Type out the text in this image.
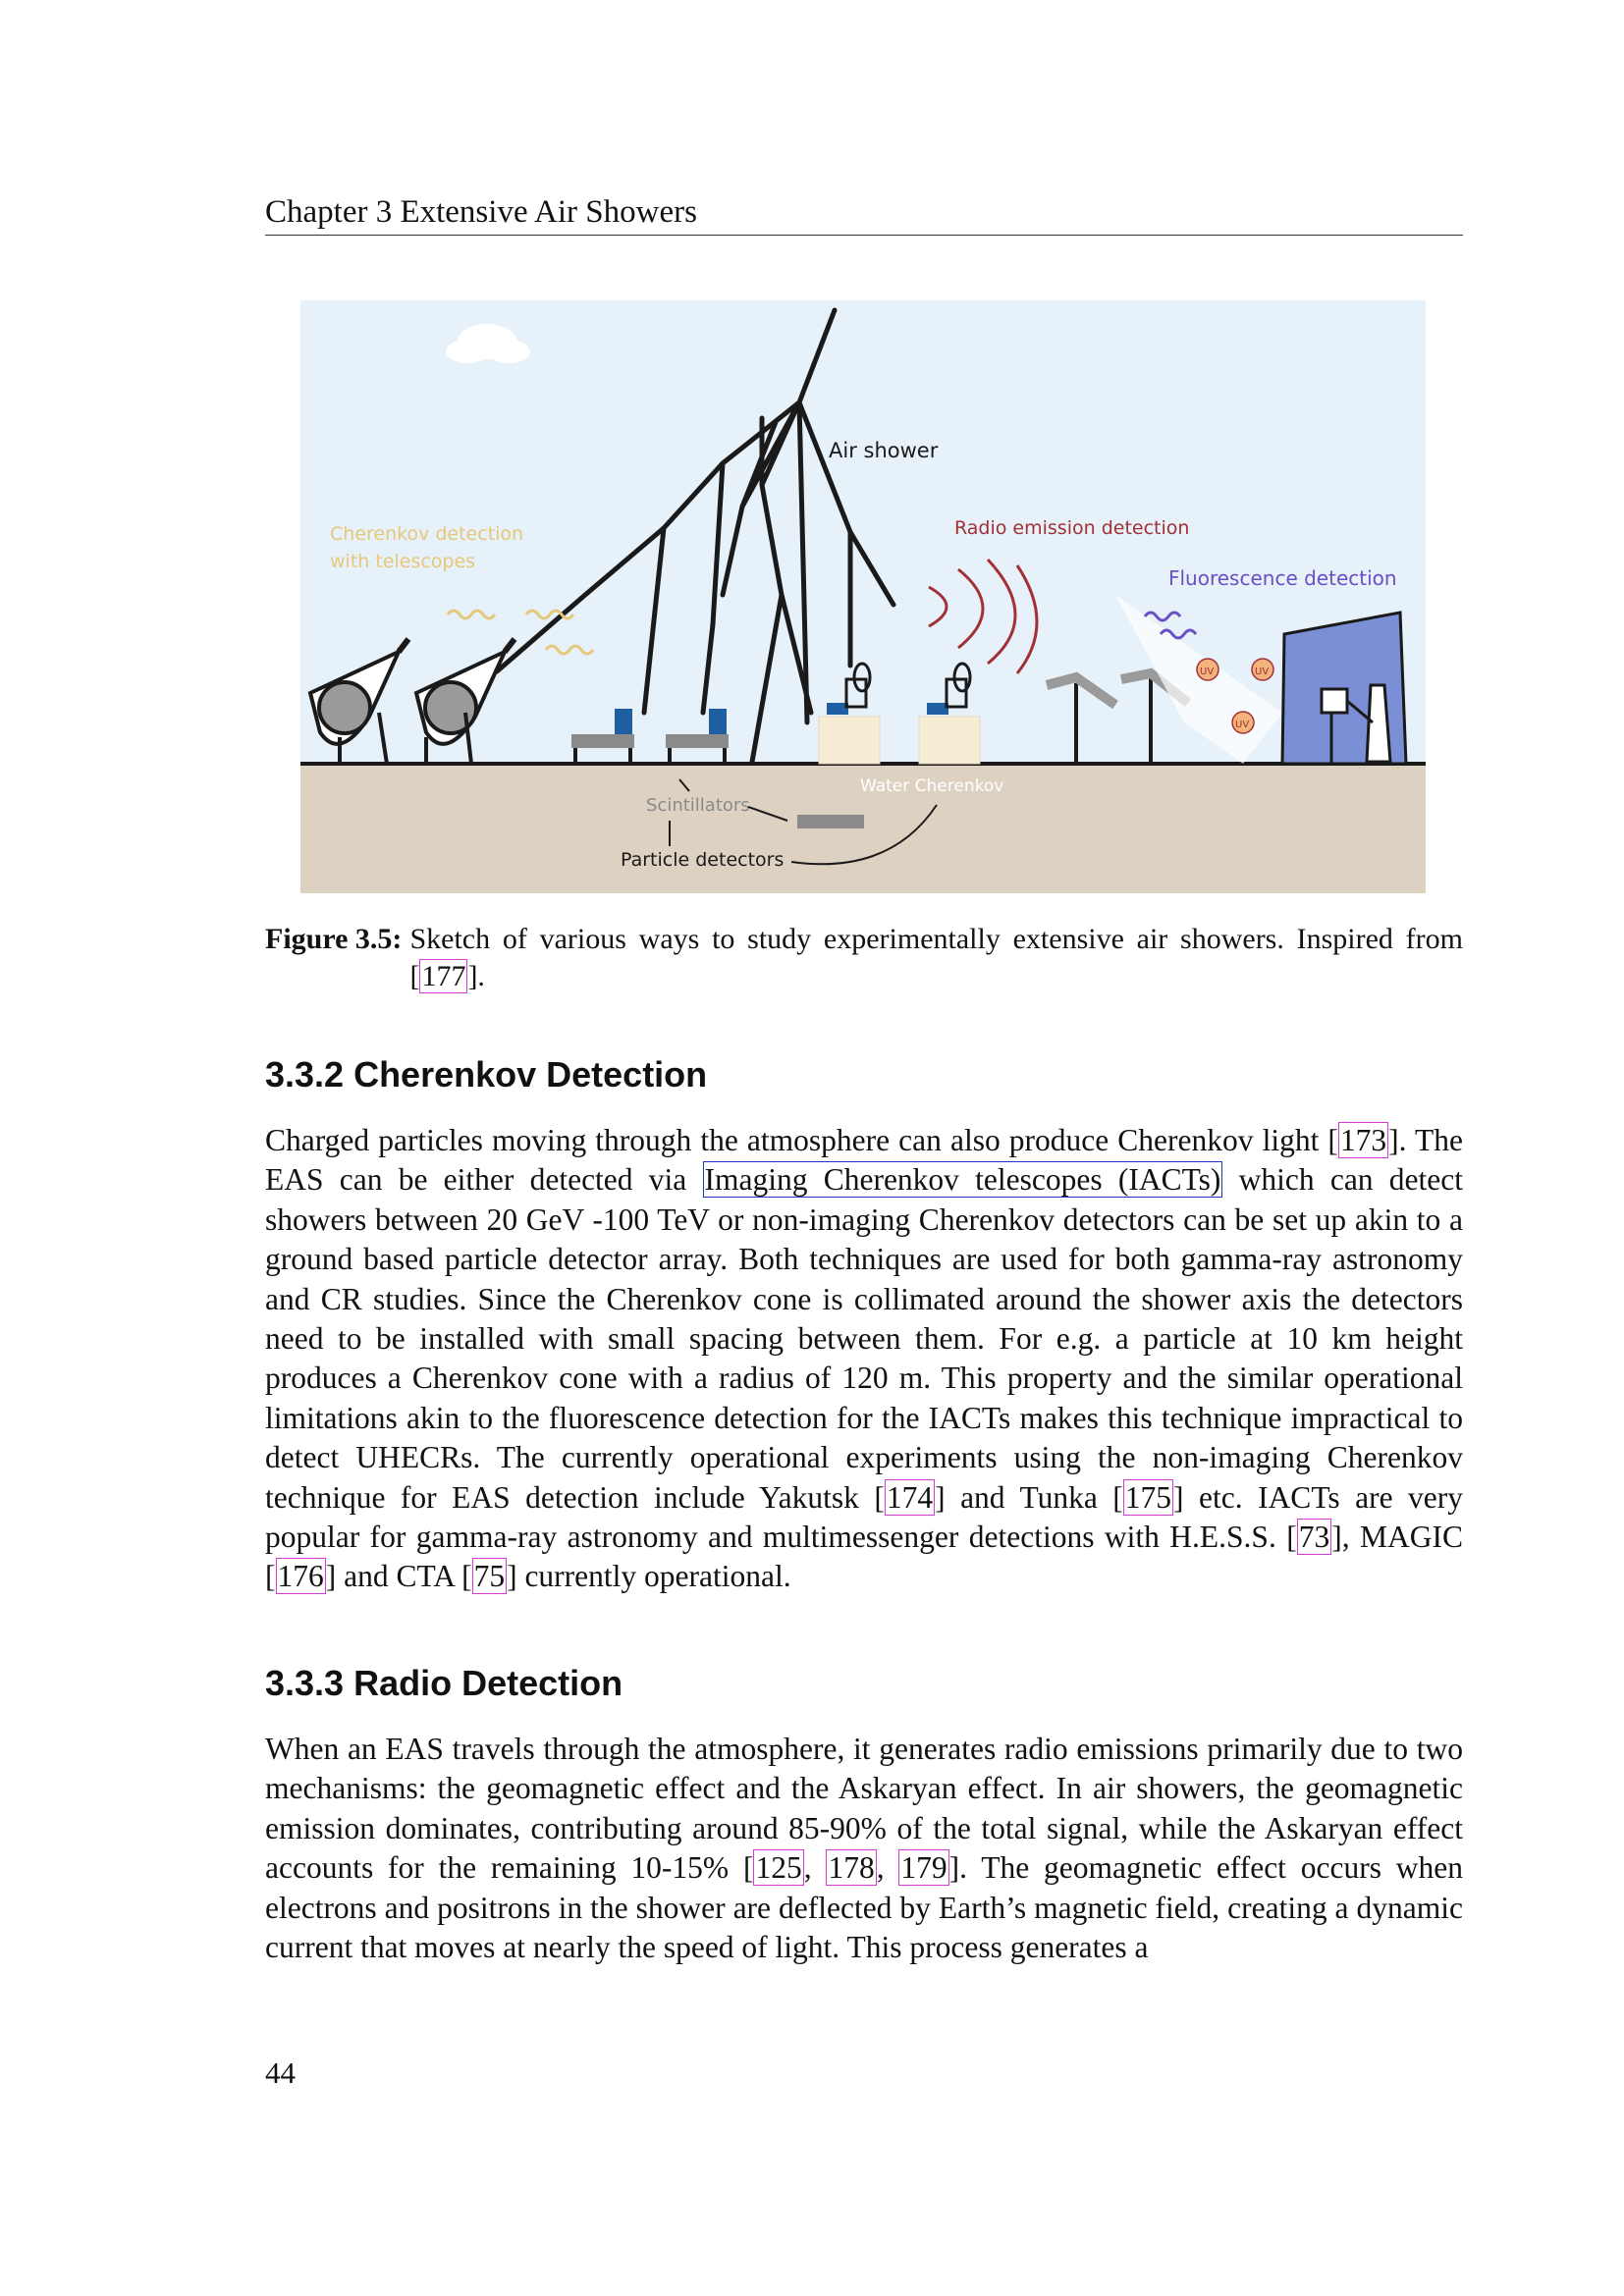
Chapter 3 Extensive Air Showers
Air shower
Cherenkov detection
with telescopes
Radio emission detection
Fluorescence detection
UV	UV
UV
Scintillators
Water Cherenkov
Particle detectors
Figure 3.5: Sketch of various ways to study experimentally extensive air showers. Inspired from [177].
3.3.2 Cherenkov Detection
Charged particles moving through the atmosphere can also produce Cherenkov light [173]. The EAS can be either detected via Imaging Cherenkov telescopes (IACTs) which can detect showers between 20 GeV -100 TeV or non-imaging Cherenkov detectors can be set up akin to a ground based particle detector array. Both techniques are used for both gamma-ray astronomy and CR studies. Since the Cherenkov cone is collimated around the shower axis the detectors need to be installed with small spacing between them. For e.g. a particle at 10 km height produces a Cherenkov cone with a radius of 120 m. This property and the similar operational limitations akin to the fluorescence detection for the IACTs makes this technique impractical to detect UHECRs. The currently operational experiments using the non-imaging Cherenkov technique for EAS detection include Yakutsk [174] and Tunka [175] etc. IACTs are very popular for gamma-ray astronomy and multimessenger detections with H.E.S.S. [73], MAGIC [176] and CTA [75] currently operational.
3.3.3 Radio Detection
When an EAS travels through the atmosphere, it generates radio emissions primarily due to two mechanisms: the geomagnetic effect and the Askaryan effect. In air showers, the geomagnetic emission dominates, contributing around 85-90% of the total signal, while the Askaryan effect accounts for the remaining 10-15% [125, 178, 179]. The geomagnetic effect occurs when electrons and positrons in the shower are deflected by Earth’s magnetic field, creating a dynamic current that moves at nearly the speed of light. This process generates a
44
